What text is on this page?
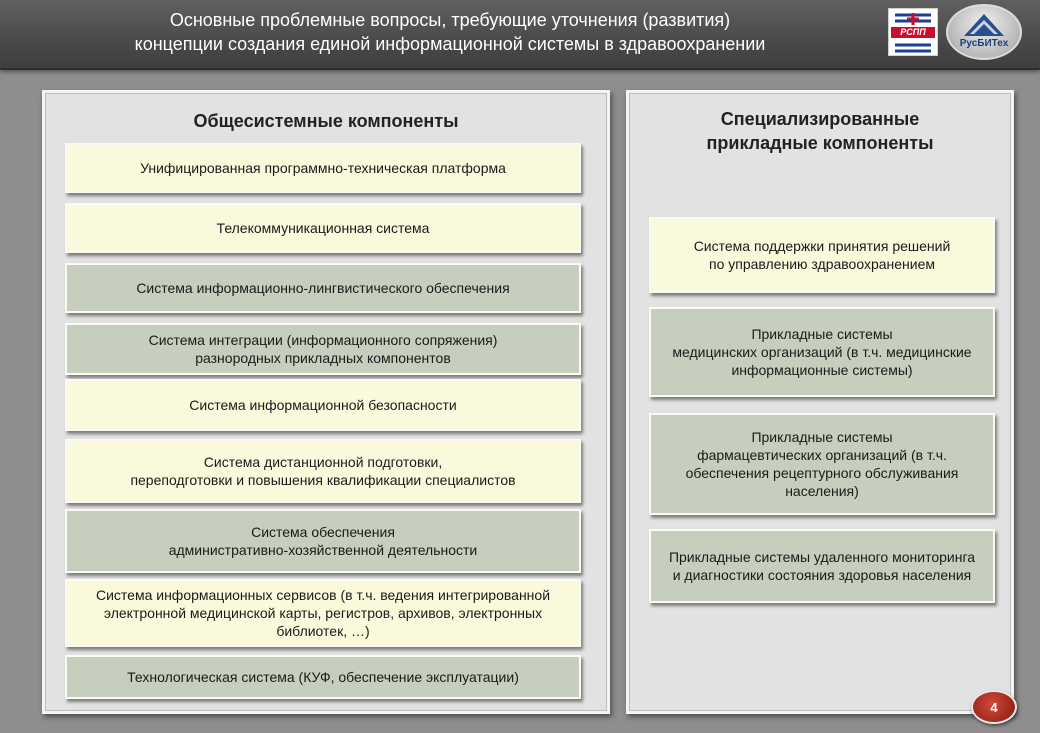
Основные проблемные вопросы, требующие уточнения (развития)
концепции создания единой информационной системы в здравоохранении
РСПП
РусБИТех
Общесистемные компоненты
Унифицированная программно-техническая платформа
Телекоммуникационная система
Система информационно-лингвистического обеспечения
Система интеграции (информационного сопряжения)
разнородных прикладных компонентов
Система информационной безопасности
Система дистанционной подготовки,
переподготовки и повышения квалификации специалистов
Система обеспечения
административно-хозяйственной деятельности
Система информационных сервисов (в т.ч. ведения интегрированной
электронной медицинской карты, регистров, архивов, электронных
библиотек, …)
Технологическая система (КУФ, обеспечение эксплуатации)
Специализированные
прикладные компоненты
Система поддержки принятия решений
по управлению здравоохранением
Прикладные системы
медицинских организаций (в т.ч. медицинские
информационные системы)
Прикладные системы
фармацевтических организаций (в т.ч.
обеспечения рецептурного обслуживания
населения)
Прикладные системы удаленного мониторинга
и диагностики состояния здоровья населения
4
